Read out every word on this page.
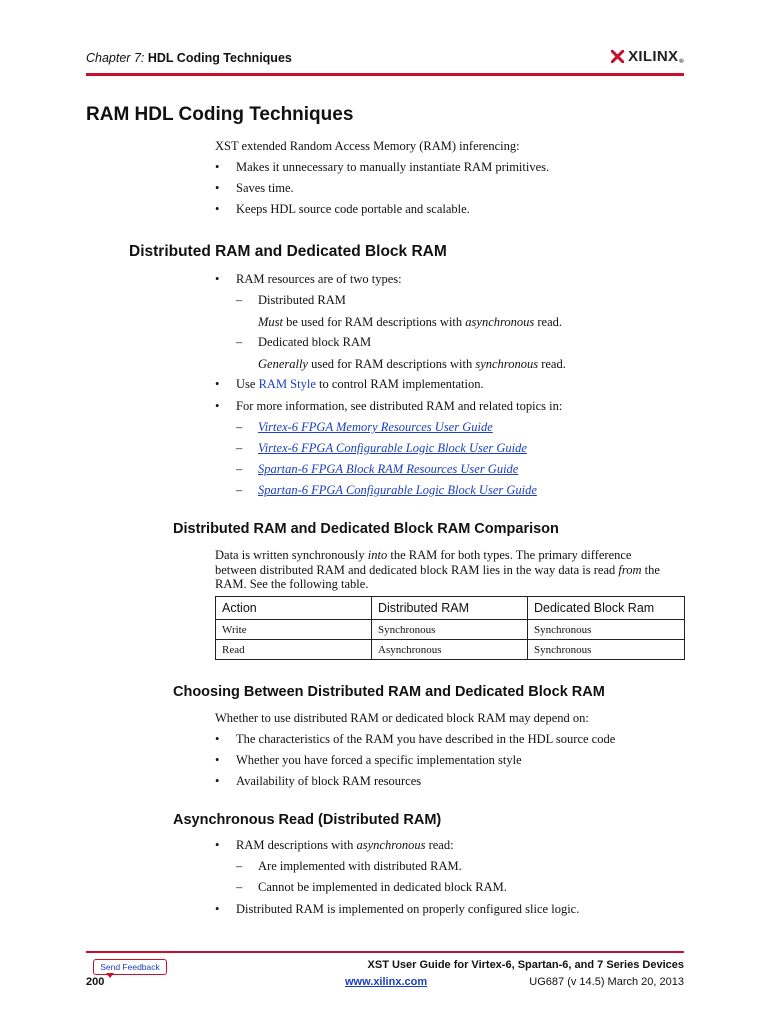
Chapter 7: HDL Coding Techniques	XILINX®
RAM HDL Coding Techniques
XST extended Random Access Memory (RAM) inferencing:
• Makes it unnecessary to manually instantiate RAM primitives.
• Saves time.
• Keeps HDL source code portable and scalable.
Distributed RAM and Dedicated Block RAM
• RAM resources are of two types:
– Distributed RAM
Must be used for RAM descriptions with asynchronous read.
– Dedicated block RAM
Generally used for RAM descriptions with synchronous read.
• Use RAM Style to control RAM implementation.
• For more information, see distributed RAM and related topics in:
– Virtex-6 FPGA Memory Resources User Guide
– Virtex-6 FPGA Configurable Logic Block User Guide
– Spartan-6 FPGA Block RAM Resources User Guide
– Spartan-6 FPGA Configurable Logic Block User Guide
Distributed RAM and Dedicated Block RAM Comparison
Data is written synchronously into the RAM for both types. The primary difference
between distributed RAM and dedicated block RAM lies in the way data is read from the
RAM. See the following table.
Action	Distributed RAM	Dedicated Block Ram
Write	Synchronous	Synchronous
Read	Asynchronous	Synchronous
Choosing Between Distributed RAM and Dedicated Block RAM
Whether to use distributed RAM or dedicated block RAM may depend on:
• The characteristics of the RAM you have described in the HDL source code
• Whether you have forced a specific implementation style
• Availability of block RAM resources
Asynchronous Read (Distributed RAM)
• RAM descriptions with asynchronous read:
– Are implemented with distributed RAM.
– Cannot be implemented in dedicated block RAM.
• Distributed RAM is implemented on properly configured slice logic.
Send Feedback
200
XST User Guide for Virtex-6, Spartan-6, and 7 Series Devices
www.xilinx.com	UG687 (v 14.5) March 20, 2013
